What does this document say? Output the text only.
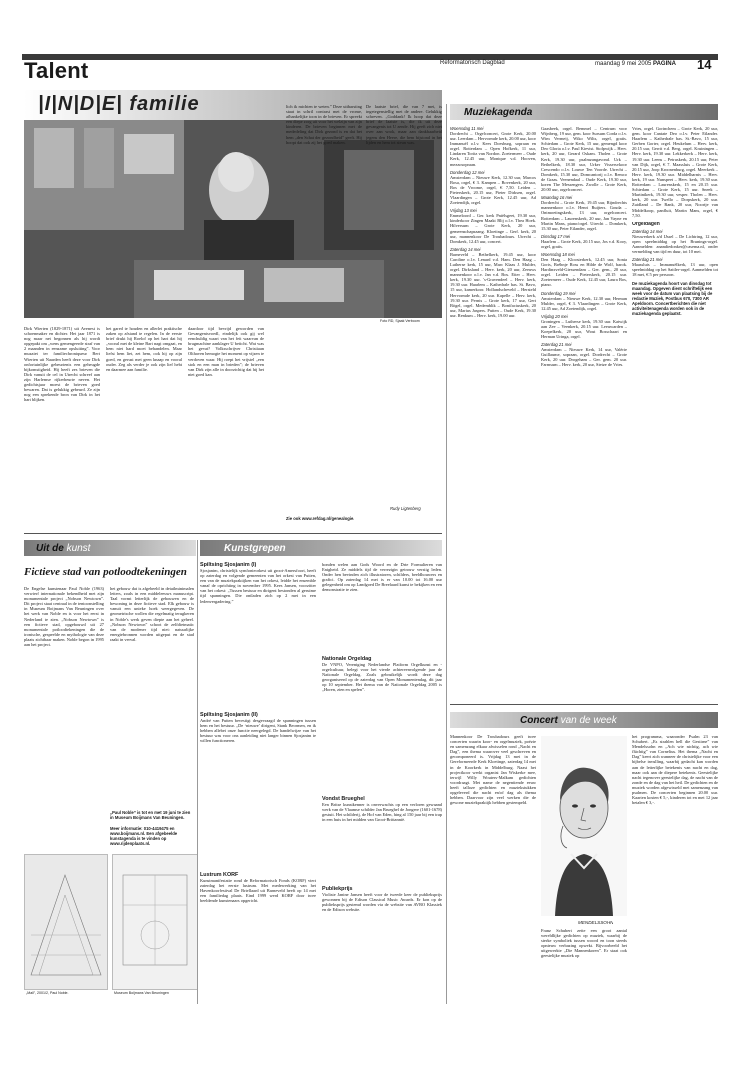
Talent	Reformatorisch Dagblad	maandag 9 mei 2005 PAGINA 14
|I|N|D|E| familie
Foto RD, Sjaak Verboom
Dirk Wierten (1829-1871) uit Avenest is schoenmaker en dichter. Het jaar 1871 is nog maar net begonnen als hij wordt opgepakt om „wens gemengeerde straf van 2 maanden in eenzame opsluiting”. Voor muzaiet ter familiechroniqueur Bert Wierten uit Naarden heeft deze voor Dirk onfortuinlijke gebeurtenis een geheugde bijkomstigheid. Hij heeft zes brieven die Dirk vanuit de cel in Utrecht schreef aan zijn Harlemse rijkerbeurte neven. Het gedichtsjaar moest de brieven goed bewaren. Dat is gelukkig gebeurd. Ze zijn nog een sprekende bron van Dirk in het hart blijken.
het gared te houden en allerlei praktische zaken op afstand te regelen. In de eerste brief drukt hij Roelof op het hart dat hij „vooral met de kleine Bart nagt omgaat, en hem niet hard moet behandelen. Maar liefst hem liet, zet hem, ook hij op zijn goed, en gerust met geen knaap en vooral ouder. Zeg als verder je ook zijn lief hebt en daarmee aan familie.
daardoor tijd bevrijd geworden van Gevangenisvoedl, eindelijk ook gij wel eenchuldig waart van het feit waarvan de brugmachine aanklager U beticht. Wat was het gevat? Volksschrijver Christiaan Olthaven hemogte het moment op vijzen te verdoven waar. Hij roept het vrijstel „een stok en een man in brieden”; de brieven van Dirk zijn alle in doorzichtig dat hij het niet goed kan.
lich ik michten te weten.” Deze uitbarsting staat in schril contrast met de vrome, afhankelijke toon in de brieven. Er spreekt een diepe zorg uit voor het welzijn van zijn kinderen. De brieven beginnen met de mededeling dat Dirk gezond is en dat het hem „den Schat der gezondheid” geeft. Hij hoopt dat ook zij het goed maken.
De laatste brief, die van 7 mei, is ingetegenstellig met de andere. Gelukkig schreven. „Goddank! Ik hoop dat deze brief de laatste is, die ik uit deze gevangenis tot U zende. Hij geeft zich niet over aan wrok, maar aan dankbaarheid jegens den Heere, die hem bijstond in het lijden en hem tot steun was.
Rudy Ligtenberg
Zie ook www.refdag.nl/genealogie.
Uit de kunst
Fictieve stad van potloodtekeningen
De Engelse kunstenaar Paul Noble (1963) verwierf internationale bekendheid met zijn monumentale project „Nobson Newtown”. Dit project staat centraal in de tentoonstelling in Museum Boijmans Van Beuningen over het werk van Noble en is voor het eerst in Nederland te zien. „Nobson Newtown” is een fictieve stad, opgebouwd uit 27 monumentale potloodtekeningen die de ironische, gespeelde en mythologie van deze plaats zichtbaar maken. Noble begon in 1995 aan het project.
het gebouw dat is afgebeeld in detailminimalen letters, zoals in een middeleeuws manuscript. Taal vormt letterlijk de gebouwen en de bewoning in deze fictieve stad. Elk gebouw is vanuit een unieke hoek weergegeven. De geometrische wollen die regelmatig terugkeren in Noble's werk geven diepte aan het geheel. „Nobson Newtown” schoot de zelfdietmatic van de modener tijd niet: natuurlijke energiebronnen worden uitgeput en de stad raakt in verval.
„Paul Noble” is tot en met 19 juni te zien in Museum Boijmans Van Beuningen.
Meer informatie: 010-4419475 en www.boijmans.nl. Een afgebeelde kunstagenda is te vinden op www.rijdenplaats.nl.
„Mall”, 2001/2, Paul Noble.	Museum Boijmans Van Beuningen
Kunstgrepen
Spiltsing Sjosjanim (I)
Sjosjanim, christelijk symfonieorkest uit groot-Amersfoort, heeft op zaterdag en volgende gemeenten van het orkest van Putten, een van de muziekpraktijken van het orkest, leidde het ensemble vanaf de oprichting in november 1995. Kees Jansen, voorzitter van het orkest: „Tussen bestuur en dirigent bestonden al geruime tijd spanningen. Die ontladen zich op 2 mei in een ledenvergadering.”
Spiltsing Sjosjanim (II)
André van Putten bevestigt desgevraagd de spanningen tussen hem en het bestuur. „De ‘nieuwe’ dirigent, Stank Beormen, en ik hebben allebei onze functie neergelegd. De handelwijze van het bestuur was voor ons aanleiding niet langer binnen Sjosjanim te willen functioneren.
Lustrum KORF
Kunstmanifestatie rond de Reformatorisch Fonds (KORF) viert zaterdag het eerste lustrum. Met medewerking van het Havenkoorfestival De Briellaard uit Barneveld heeft op 14 mei een familiedag plaats. Eind 1999 werd KORF door twee beeldende kunstenaars opgericht.
bonden welen aan Gods Woord en de Drie Formulieren van Enigheid. Ze middels tijd de verrezigin getrouw verstig leden. Onder hen bevinden zich illustratoren, schilders, beeldhouwers en grafici. Op zaterdag 14 mei is er van 10.00 tot 16.00 uur gelegenheid om op Landgoed De Breelaard kunst te bekijken en een demonstratie te zien.
Nationale Orgeldag
De VNPO, Vereniging Nederlandse Platform Orgelkunst en -orgelcultuur, belegt voor het vierde achtereenvolgende jaar de Nationale Orgeldag. Zoals gebruikelijk wordt deze dag georganiseerd op de zaterdag van Open Monumentendag, dit jaar op 10 september. Het thema van de Nationale Orgeldag 2005 is „Horen, zien en spelen”.
Vondst Brueghel
Een Britse kunstkenner is onverwachts op een verloren gewaand werk van de Vlaamse schilder Jan Brueghel de Jongere (1601-1678) gestuit. Het schilderij, de Hof van Eden, hing al 150 jaar bij een trap in een huis in het midden van Groot-Brittannië.
Publiekprijs
Violiste Janine Jansen heeft voor de tweede keer de publieksprijs gewonnen bij de Edison Classical Music Awards. Er kon op de publieksprijs gestemd worden via de website van AVRO Klassiek en de Edison website.
Muziekagenda
Woensdag 11 mei
Dordrecht – Orgelconcert, Grote Kerk, 20.00 uur. Leerdam – Hervormde kerk, 20.00 uur, koor Immanuël o.l.v. Kees Doesburg, sopraan en orgel. Rotterdam – Open Hofkerk, 11 uur, Lindaren Toritz van Nordon. Zoetermeer – Oude Kerk, 12.45 uur, Monique v.d. Hooven, mezzosopraan.
Donderdag 12 mei
Amsterdam – Nieuwe Kerk, 12.30 uur, Marcos Bosa, orgel, € 3. Kampen – Bovenkerk, 20 uur, Bos de Vroome, orgel, € 7,50. Leiden – Pieterskerk, 20.15 uur, Pieter Dirksen, orgel. Vlaardingen – Grote Kerk, 12.45 uur, Ad Zoetendijk, orgel.
Vrijdag 13 mei
Emmeloord – Ger. kerk Pniëlsgeet, 19.30 uur, kinderkoor Zingen Maakt Blij o.l.v. Thea Hoek. Hilversum – Grote Kerk, 20 uur, gemeenschapszang. Kloetinge – Gerf. kerk, 20 uur, mannenkoor De Troubadours. Utrecht – Domkerk, 12.45 uur, concert.
Zaterdag 14 mei
Barneveld – Bethelkerk, 19.45 uur, koor Caroline o.l.v. Lenard v.d. Ham. Den Haag – Lutherse kerk, 15 uur, Marc Klaas J. Mulder, orgel. Dirksland – Herv. kerk, 20 uur, Zeeuws mannenkoor o.l.v. Jan v.d. Bos. Eiter – Herv. kerk, 19.30 uur. 's-Gravendeel – Herv. kerk, 19.30 uur. Haarlem – Kathedrale bas. St. Bavo, 15 uur, kamerkoor. Hollandscheveld – Hersteld Hervormde kerk, 20 uur. Kapelle – Herv. kerk, 19.30 uur. Pernis – Grote kerk, 17 uur, Gert Bögel, orgel. Medemblik – Bonifaciuskerk, 20 uur, Marius Jaspers. Putten – Oude Kerk, 19.30 uur. Renkum – Herv. kerk, 19.00 uur.
Gaasbeek, orgel. Bemmel – Centrum voor Wijnberg, 19 uur, gem. koor Sursum Corda o.l.v. Wim Vermeij, Wiko Wilts, orgel, gratis. Schiedam – Grote Kerk, 15 uur, gemengd koor Deo Gloria o.l.v. Paul Kievist. Stolpwijk – Herv. kerk, 20 uur, Gerard Oskam. Tholen – Grote Kerk, 19.30 uur, psalmzangavond. Urk – Bethelkerk, 18.30 uur, Urker Vissersvkoor Crescendo o.l.v. Louwe Ten Voorde. Utrecht – Domkerk, 15.30 uur, Domcantorij o.l.v. Remco de Graas. Veenendaal – Oude Kerk, 19.30 uur, koren The Messengers. Zwolle – Grote Kerk, 20.00 uur, orgelconcert.
Maandag 16 mei
Dordrecht – Grote Kerk, 19.45 uur, Rijndrechts mannenkoor o.l.v. Henri Ruijters. Gouda – Ontmoetingskerk, 13 uur, orgelconcert. Rotterdam – Laurenskerk, 20 uur, Jan Vayne en Martin Mans, piano/orgel. Utrecht – Domkerk, 15.30 uur, Peter Eilander, orgel.
Dinsdag 17 mei
Haarlem – Grote Kerk, 20.15 uur, Jos v.d. Kooy, orgel, gratis.
Woensdag 18 mei
Den Haag – Kloosterkerk, 12.45 uur, Sonia Goris, Bréhnje Ross en Hilde de Wolf, barok. Hardinxveld-Giessendam – Ger. gem., 20 uur, orgel. Leiden – Pieterskerk, 20.15 uur. Zoetermeer – Oude Kerk, 12.45 uur, Laura Bos, piano.
Donderdag 19 mei
Amsterdam – Nieuwe Kerk, 12.30 uur, Herman Mulder, orgel, € 3. Vlaardingen – Grote Kerk, 12.45 uur, Ad Zoetendijk, orgel.
Vrijdag 20 mei
Groningen – Lutherse kerk, 19.30 uur. Katwijk aan Zee – Veenkerk, 20.15 uur. Leeuwarden – Koepelkerk, 20 uur, Wout Bosschaart en Herman Uringa, orgel.
Zaterdag 21 mei
Amsterdam – Nieuwe Kerk, 14 uur, Valérie Guillaume, sopraan, orgel. Dordrecht – Grote Kerk, 20 uur. Drogeham – Ger. gem. 20 uur. Farmsum – Herv. kerk, 20 uur, Sietze de Vries.
Vries, orgel. Gorinchem – Grote Kerk, 20 uur, gem. koor Cantate Deo o.l.v. Peter Eilander. Haarlem – Kathedrale bas. St.-Bavo, 15 uur, Gerben Gorter, orgel. Heukelum – Herv. kerk, 20.15 uur, Gerrit v.d. Berg, orgel. Kruiningen – Herv. kerk, 19.30 uur. Lekkerkerk – Herv. kerk, 19.30 uur. Leens – Petruskerk, 20.15 uur, Peter van Dijk, orgel, € 7. Maassluis – Grote Kerk, 20.15 uur, Joop Kroonenburg, orgel. Meerkerk – Herv. kerk, 19.30 uur. Middelharnis – Herv. kerk, 19 uur. Nunspeet – Herv. kerk, 19.30 uur. Rotterdam – Laurenskerk, 15 en 20.15 uur. Schiedam – Grote Kerk, 15 uur. Sneek – Martinikerk, 19.30 uur, vesper. Tholen – Herv. kerk, 20 uur. Twello – Dorpskerk, 20 uur. Zuidland – De Rank, 20 uur, Noortje van Middelkoop, panfluit, Martin Mans, orgel, € 7,50.
Orgeldagen
Zaterdag 14 mei
Nieuwerkerk a/d IJssel – De Lichtring, 12 uur, open speelmiddag op het Brunings-orgel. Aanmelden: anandiedonker@casema.nl, onder vermelding van tijd en duur, tot 10 mei.
Zaterdag 21 mei
Maassluis – Immanuëlkerk, 13 uur, open speelmiddag op het Sattler-orgel. Aanmelden tot 18 mei, € 5 per persoon.
De muziekagenda hoort van dinsdag tot maandag. Opgeven dient schriftelijk een week voor de datum van plaatsing bij de redactie Muziek, Postbus 670, 7300 AR Apeldoorn. Concertberichten die niet activiteitenagenda worden ook in de muziekagenda geplaatst.
Concert van de week
Mannenkoor De Troubadours geeft twee concerten waarin koor- en orgelmuziek, poëzie en samenzang elkaar afwisselen rond „Nacht en Dag”, een thema waarover veel geschreven en gecomponeerd is. Vrijdag 13 mei in de Gereformeerde Kerk Kloetinge, zaterdag 14 mei in de Koorkerk in Middelburg. Naast het projectkoor werkt organist Jan Wiskerke mee, terwijl Willy Wouters-Malkam gedichten voordraagt. Met name de negentiende eeuw heeft talloze gedichten en muziekstukken opgeleverd die nacht en/of dag als thema hebben. Daarvoor zijn veel werken die de gewone muziekpraktijk hebben gestempeld.
MENDELSSOHN
Franz Schubert zette een groot aantal wereldlijke gedichten op muziek, waarbij de sterke symboliek tussen woord en toon steeds opnieuw verbazing opwekt. Bijvoorbeeld het uitgewerkte „Die Mannenkoren”. Er staat ook geestelijke muziek op
het programma, waaronder Psalm 23 van Schubert. „Es strahlen hell die Gestirne” van Mendelssohn en „Ach wie nichtig, ach wie flüchtig” van Cornelius. Het thema „Nacht en Dag” keert zich wanneer de christelijke voor een bijbelse invulling, waarbij gedacht kan worden aan de letterlijke betekenis van nacht en dag, maar ook aan de diepere betekenis. Geestelijke nacht tegenover geestelijke dag, de nacht van de zonde en de dag van het heil. De gedichten en de muziek worden afgewisseld met samenzang van psalmen. De concerten beginnen 20.00 uur. Kaarten kosten € 5,-, kinderen tot en met 12 jaar betalen € 3,-.
